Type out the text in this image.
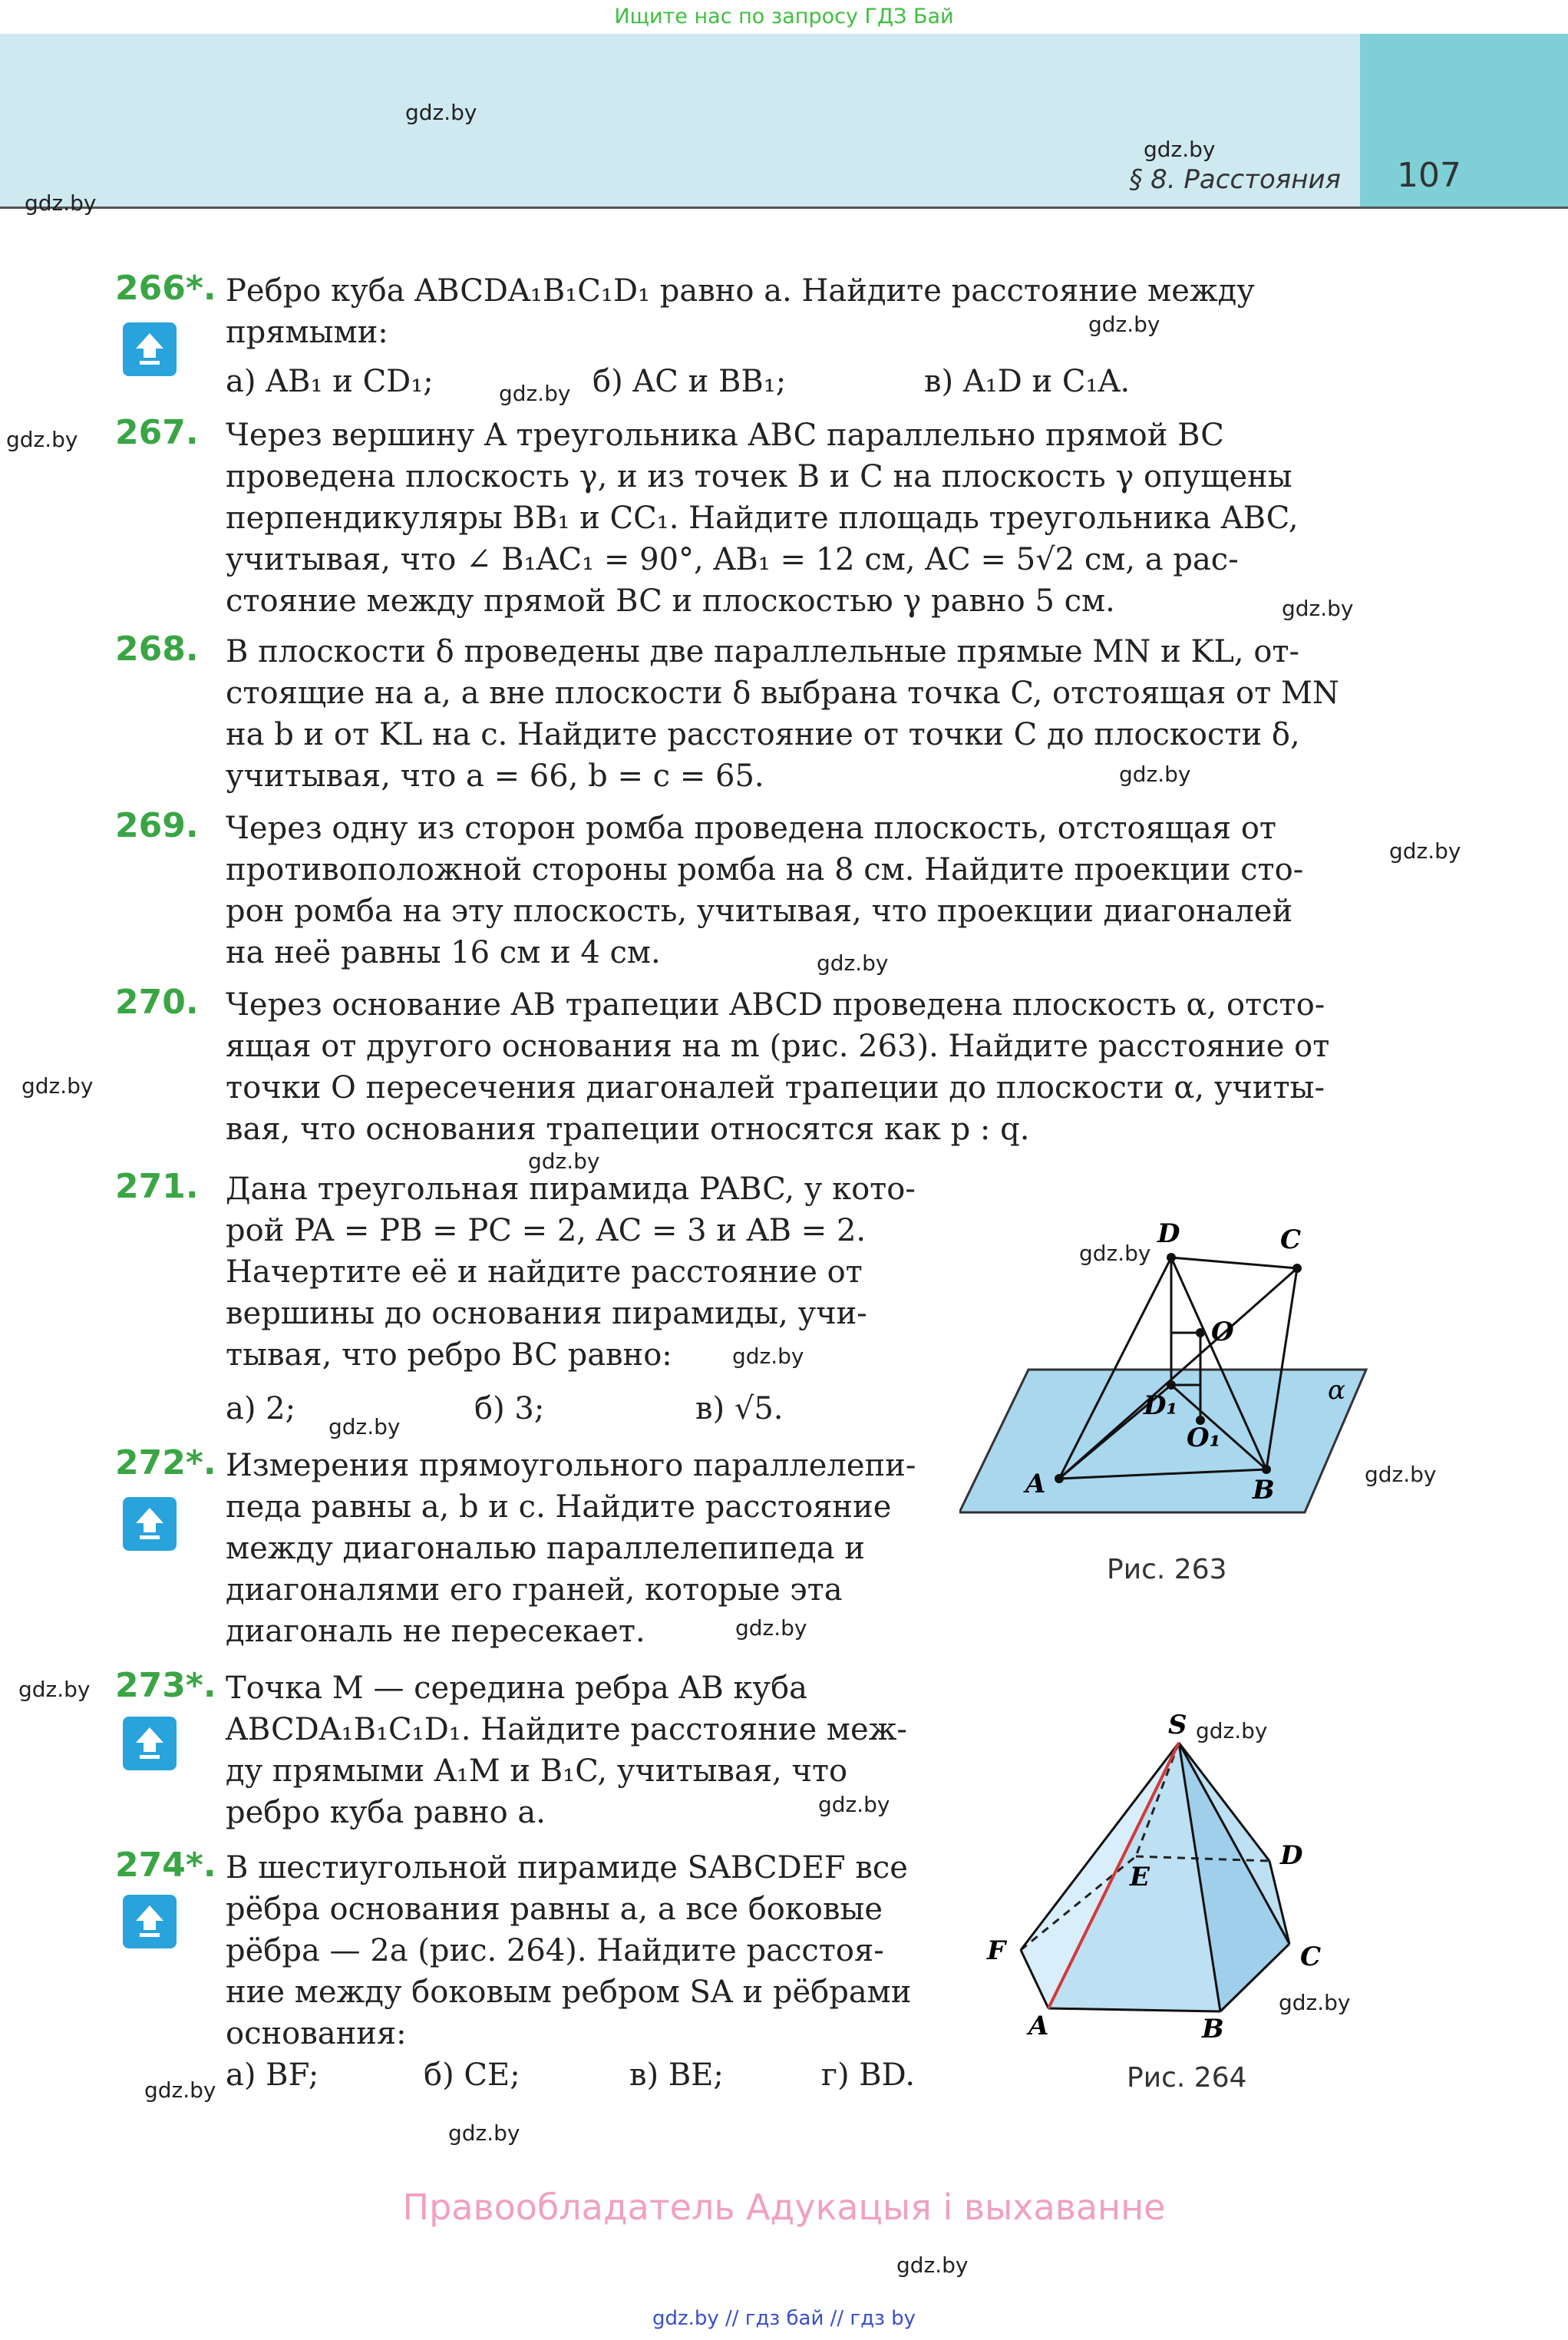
Ищите нас по запросу ГДЗ Бай
§ 8. Расстояния 107
gdz.by
gdz.by
gdz.by
gdz.by
gdz.by
gdz.by
gdz.by
gdz.by
gdz.by
gdz.by
gdz.by
gdz.by
gdz.by
gdz.by
gdz.by
gdz.by
gdz.by
gdz.by
gdz.by
gdz.by
gdz.by
gdz.by
gdz.by
gdz.by
266*. Ребро куба ABCDA₁B₁C₁D₁ равно a. Найдите расстояние между
прямыми:
а) AB₁ и CD₁;	б) AC и BB₁;	в) A₁D и C₁A.
267. Через вершину A треугольника ABC параллельно прямой BC
проведена плоскость γ, и из точек B и C на плоскость γ опущены
перпендикуляры BB₁ и CC₁. Найдите площадь треугольника ABC,
учитывая, что ∠ B₁AC₁ = 90°, AB₁ = 12 см, AC = 5√2 см, а рас-
стояние между прямой BC и плоскостью γ равно 5 см.
268. В плоскости δ проведены две параллельные прямые MN и KL, от-
стоящие на a, а вне плоскости δ выбрана точка C, отстоящая от MN
на b и от KL на c. Найдите расстояние от точки C до плоскости δ,
учитывая, что a = 66, b = c = 65.
269. Через одну из сторон ромба проведена плоскость, отстоящая от
противоположной стороны ромба на 8 см. Найдите проекции сто-
рон ромба на эту плоскость, учитывая, что проекции диагоналей
на неё равны 16 см и 4 см.
270. Через основание AB трапеции ABCD проведена плоскость α, отсто-
ящая от другого основания на m (рис. 263). Найдите расстояние от
точки O пересечения диагоналей трапеции до плоскости α, учиты-
вая, что основания трапеции относятся как p : q.
271. Дана треугольная пирамида PABC, у кото-
рой PA = PB = PC = 2, AC = 3 и AB = 2.
Начертите её и найдите расстояние от
вершины до основания пирамиды, учи-
тывая, что ребро BC равно:
а) 2;	б) 3;	в) √5.
272*. Измерения прямоугольного параллелепи-
педа равны a, b и c. Найдите расстояние
между диагональю параллелепипеда и
диагоналями его граней, которые эта
диагональ не пересекает.
273*. Точка M — середина ребра AB куба
ABCDA₁B₁C₁D₁. Найдите расстояние меж-
ду прямыми A₁M и B₁C, учитывая, что
ребро куба равно a.
274*. В шестиугольной пирамиде SABCDEF все
рёбра основания равны a, а все боковые
рёбра — 2a (рис. 264). Найдите расстоя-
ние между боковым ребром SA и рёбрами
основания:
а) BF;	б) CE;	в) BE;	г) BD.
D	C
O
α
D₁
O₁
A	B
Рис. 263
S
D
E
F	C
A	B
Рис. 264
Правообладатель Адукацыя і выхаванне
gdz.by // гдз бай // гдз by
